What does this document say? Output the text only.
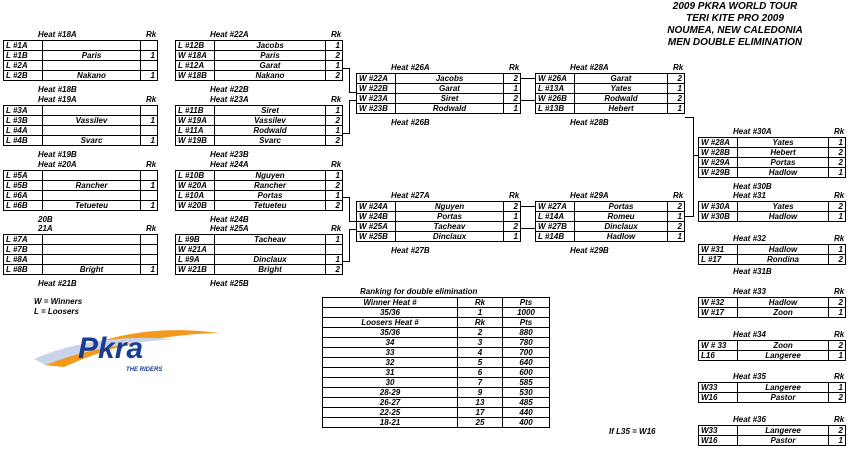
2009 PKRA WORLD TOUR
TERI KITE PRO 2009
NOUMEA, NEW CALEDONIA
MEN DOUBLE ELIMINATION
Heat #18A	Rk
L #1A		
L #1B	Paris	1
L #2A		
L #2B	Nakano	1
Heat #18B
Heat #19A	Rk
L #3A		
L #3B	Vassilev	1
L #4A		
L #4B	Svarc	1
Heat #19B
Heat #20A	Rk
L #5A		
L #5B	Rancher	1
L #6A		
L #6B	Tetueteu	1
20B
21A	Rk
L #7A		
L #7B		
L #8A		
L #8B	Bright	1
Heat #21B
Heat #22A	Rk
L #12B	Jacobs	1
W #18A	Paris	2
L #12A	Garat	1
W #18B	Nakano	2
Heat #22B
Heat #23A	Rk
L #11B	Siret	1
W #19A	Vassilev	2
L #11A	Rodwald	1
W #19B	Svarc	2
Heat #23B
Heat #24A	Rk
L #10B	Nguyen	1
W #20A	Rancher	2
L #10A	Portas	1
W #20B	Tetueteu	2
Heat #24B
Heat #25A	Rk
L #9B	Tacheav	1
W #21A		
L #9A	Dinclaux	1
W #21B	Bright	2
Heat #25B
Heat #26A	Rk
W #22A	Jacobs	2
W #22B	Garat	1
W #23A	Siret	2
W #23B	Rodwald	1
Heat #26B
Heat #27A	Rk
W #24A	Nguyen	2
W #24B	Portas	1
W #25A	Tacheav	2
W #25B	Dinclaux	1
Heat #27B
Heat #28A	Rk
W #26A	Garat	2
L #13A	Yates	1
W #26B	Rodwald	2
L #13B	Hebert	1
Heat #28B
Heat #29A	Rk
W #27A	Portas	2
L #14A	Romeu	1
W #27B	Dinclaux	2
L #14B	Hadlow	1
Heat #29B
Heat #30A	Rk
W #28A	Yates	1
W #28B	Hebert	2
W #29A	Portas	2
W #29B	Hadlow	1
Heat #30B
Heat #31	Rk
W #30A	Yates	2
W #30B	Hadlow	1
Heat #32	Rk
W #31	Hadlow	1
L #17	Rondina	2
Heat #31B
Heat #33	Rk
W #32	Hadlow	2
W #17	Zoon	1
Heat #34	Rk
W # 33	Zoon	2
L16	Langeree	1
Heat #35	Rk
W33	Langeree	1
W16	Pastor	2
Heat #36	Rk
W33	Langeree	2
W16	Pastor	1
Ranking for double elimination
Winner Heat #	Rk	Pts
35/36	1	1000
Loosers Heat #	Rk	Pts
35/36	2	880
34	3	780
33	4	700
32	5	640
31	6	600
30	7	585
28-29	9	530
26-27	13	485
22-25	17	440
18-21	25	400
W = Winners
L = Loosers
Pkra
THE RIDERS
If L35 = W16
